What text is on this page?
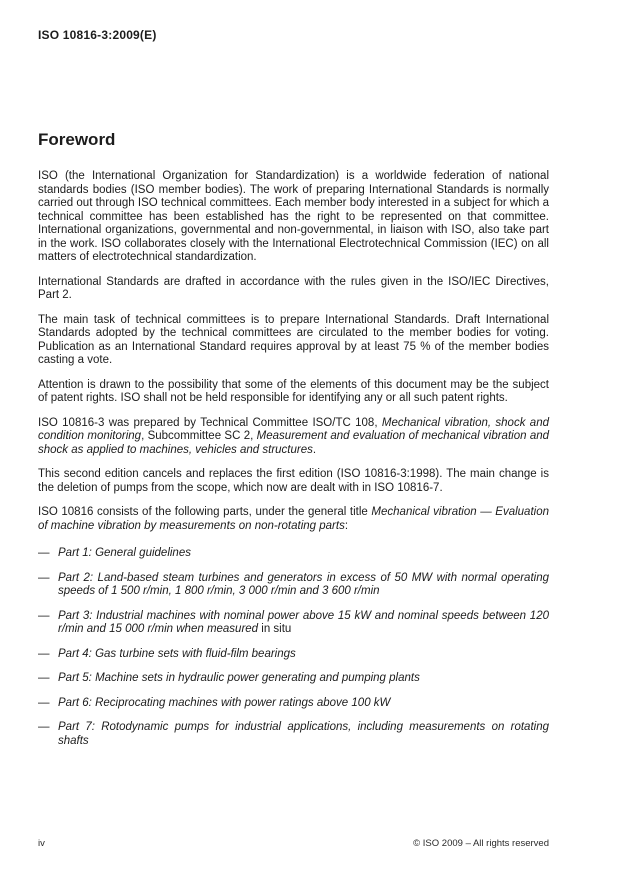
ISO 10816-3:2009(E)
Foreword

ISO (the International Organization for Standardization) is a worldwide federation of national standards bodies (ISO member bodies). The work of preparing International Standards is normally carried out through ISO technical committees. Each member body interested in a subject for which a technical committee has been established has the right to be represented on that committee. International organizations, governmental and non-governmental, in liaison with ISO, also take part in the work. ISO collaborates closely with the International Electrotechnical Commission (IEC) on all matters of electrotechnical standardization.

International Standards are drafted in accordance with the rules given in the ISO/IEC Directives, Part 2.

The main task of technical committees is to prepare International Standards. Draft International Standards adopted by the technical committees are circulated to the member bodies for voting. Publication as an International Standard requires approval by at least 75 % of the member bodies casting a vote.

Attention is drawn to the possibility that some of the elements of this document may be the subject of patent rights. ISO shall not be held responsible for identifying any or all such patent rights.

ISO 10816-3 was prepared by Technical Committee ISO/TC 108, Mechanical vibration, shock and condition monitoring, Subcommittee SC 2, Measurement and evaluation of mechanical vibration and shock as applied to machines, vehicles and structures.

This second edition cancels and replaces the first edition (ISO 10816-3:1998). The main change is the deletion of pumps from the scope, which now are dealt with in ISO 10816-7.

ISO 10816 consists of the following parts, under the general title Mechanical vibration — Evaluation of machine vibration by measurements on non-rotating parts:

— Part 1: General guidelines
— Part 2: Land-based steam turbines and generators in excess of 50 MW with normal operating speeds of 1 500 r/min, 1 800 r/min, 3 000 r/min and 3 600 r/min
— Part 3: Industrial machines with nominal power above 15 kW and nominal speeds between 120 r/min and 15 000 r/min when measured in situ
— Part 4: Gas turbine sets with fluid-film bearings
— Part 5: Machine sets in hydraulic power generating and pumping plants
— Part 6: Reciprocating machines with power ratings above 100 kW
— Part 7: Rotodynamic pumps for industrial applications, including measurements on rotating shafts
iv	© ISO 2009 – All rights reserved
